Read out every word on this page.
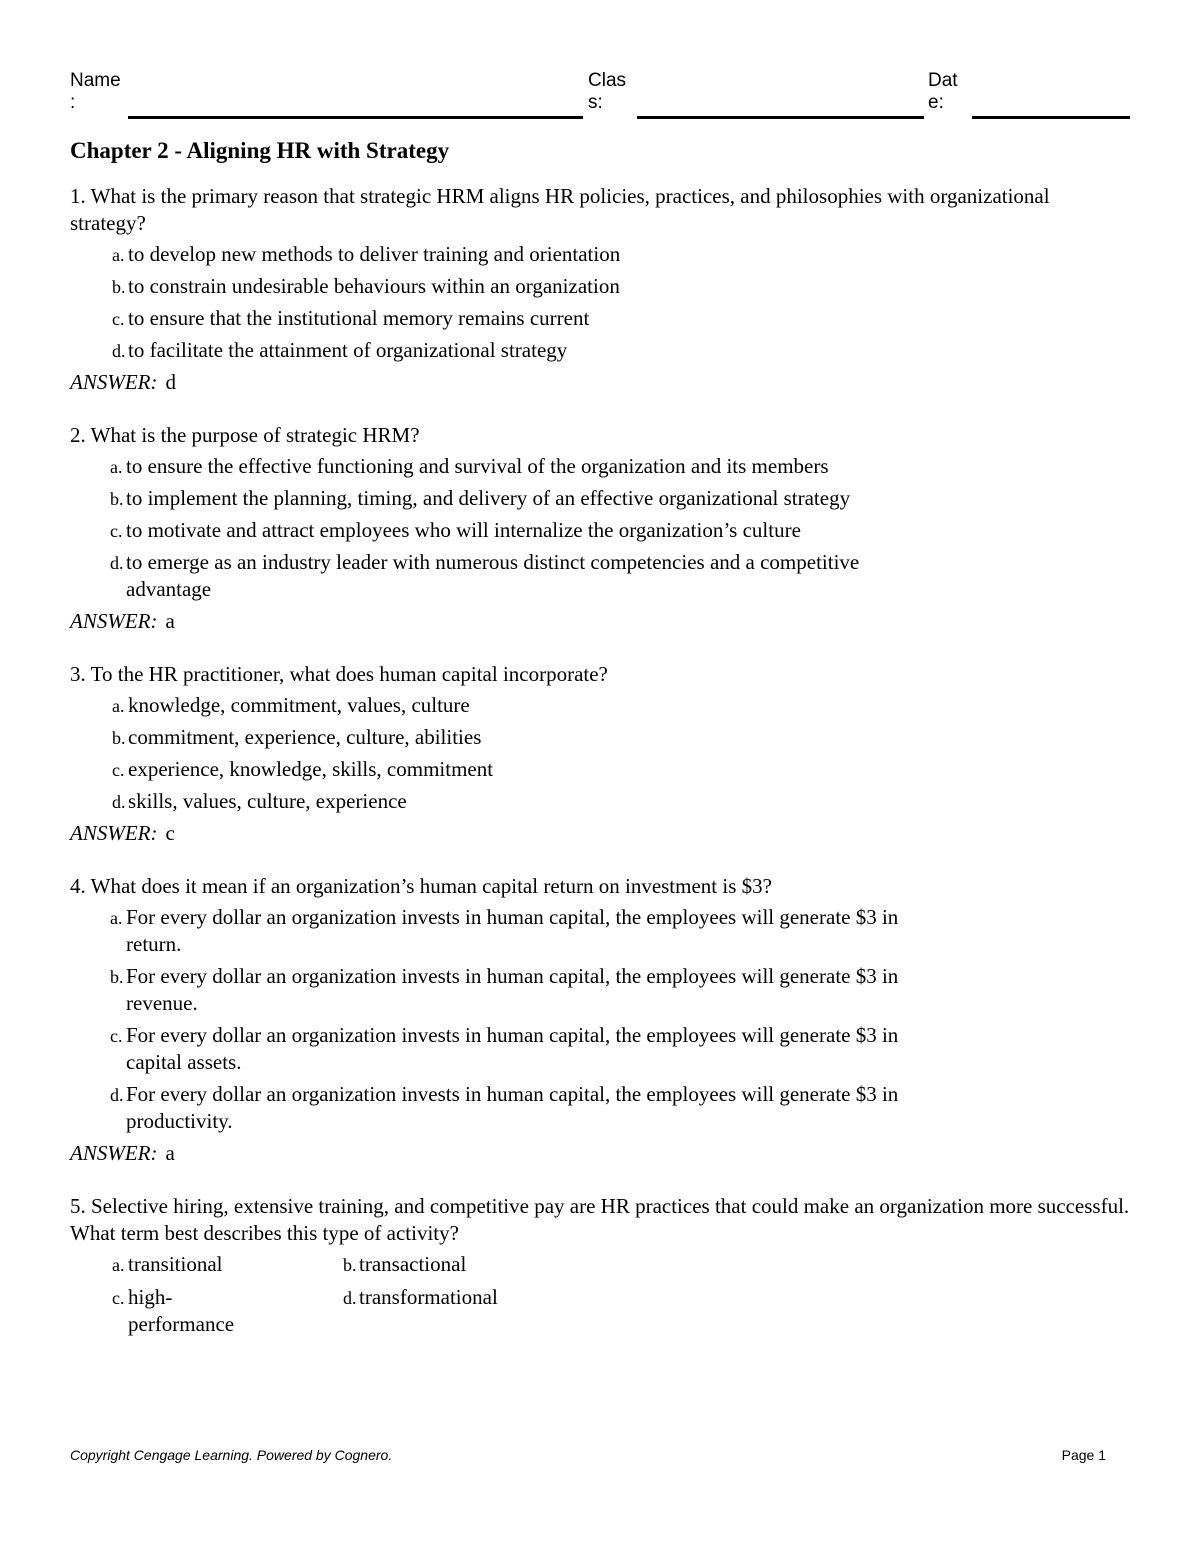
Name
:
Clas
s:
Dat
e:
Chapter 2 - Aligning HR with Strategy
1. What is the primary reason that strategic HRM aligns HR policies, practices, and philosophies with organizational strategy?
a. to develop new methods to deliver training and orientation
b. to constrain undesirable behaviours within an organization
c. to ensure that the institutional memory remains current
d. to facilitate the attainment of organizational strategy
ANSWER: d
2. What is the purpose of strategic HRM?
a. to ensure the effective functioning and survival of the organization and its members
b. to implement the planning, timing, and delivery of an effective organizational strategy
c. to motivate and attract employees who will internalize the organization’s culture
d. to emerge as an industry leader with numerous distinct competencies and a competitive advantage
ANSWER: a
3. To the HR practitioner, what does human capital incorporate?
a. knowledge, commitment, values, culture
b. commitment, experience, culture, abilities
c. experience, knowledge, skills, commitment
d. skills, values, culture, experience
ANSWER: c
4. What does it mean if an organization’s human capital return on investment is $3?
a. For every dollar an organization invests in human capital, the employees will generate $3 in return.
b. For every dollar an organization invests in human capital, the employees will generate $3 in revenue.
c. For every dollar an organization invests in human capital, the employees will generate $3 in capital assets.
d. For every dollar an organization invests in human capital, the employees will generate $3 in productivity.
ANSWER: a
5. Selective hiring, extensive training, and competitive pay are HR practices that could make an organization more successful. What term best describes this type of activity?
a. transitional	b. transactional
c. high-performance
d. transformational
Copyright Cengage Learning. Powered by Cognero.	Page 1
